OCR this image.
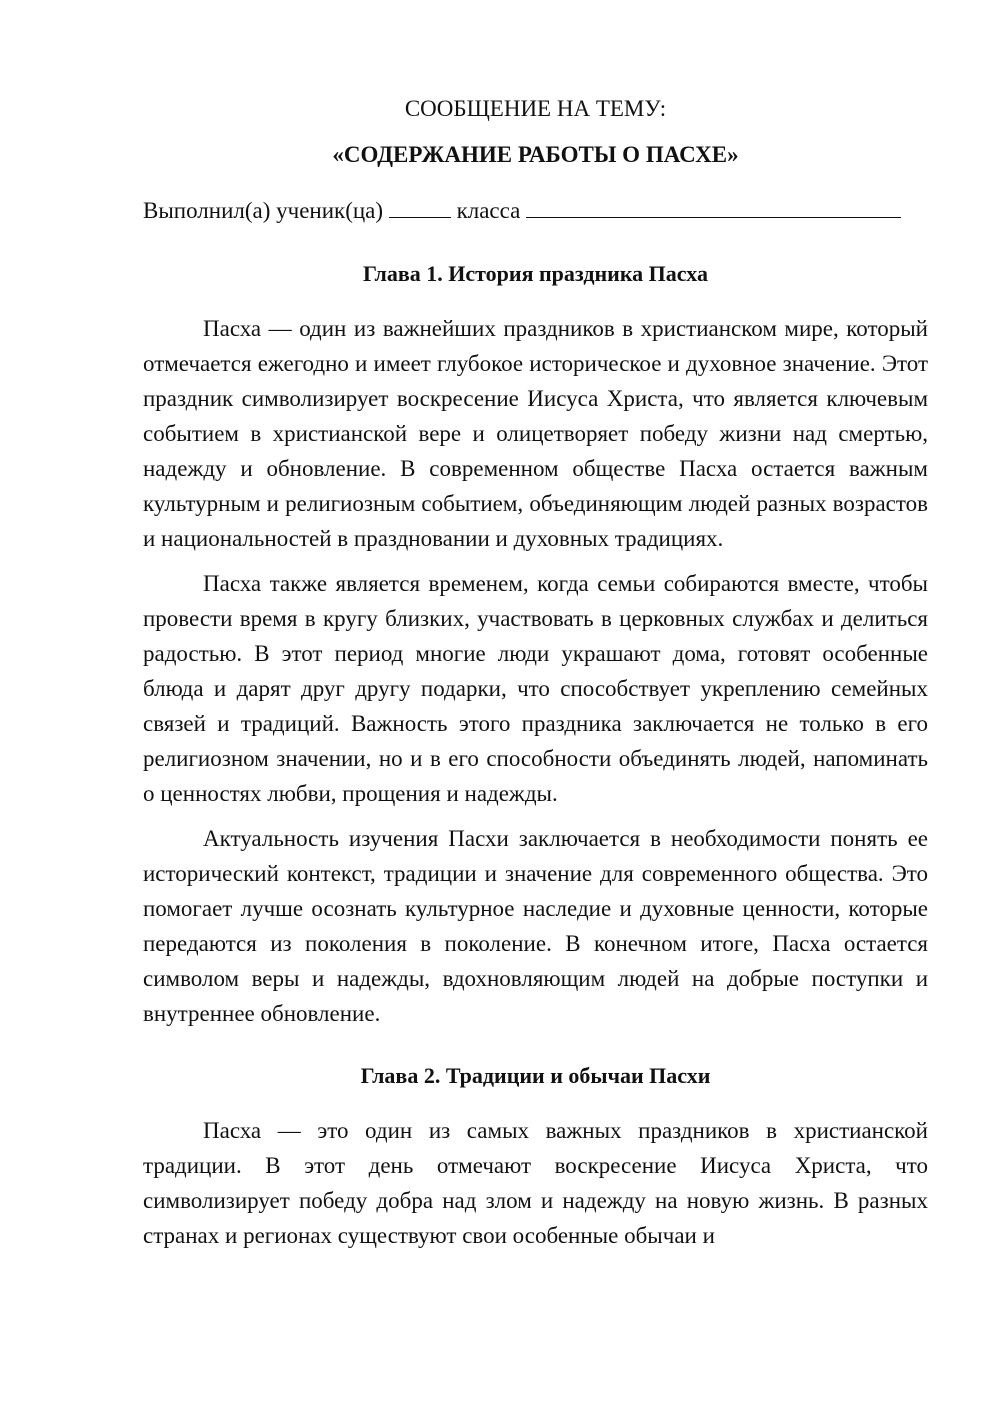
СООБЩЕНИЕ НА ТЕМУ:

«СОДЕРЖАНИЕ РАБОТЫ О ПАСХЕ»

Выполнил(а) ученик(ца)	класса

Глава 1. История праздника Пасха

Пасха — один из важнейших праздников в христианском мире, который отмечается ежегодно и имеет глубокое историческое и духовное значение. Этот праздник символизирует воскресение Иисуса Христа, что является ключевым событием в христианской вере и олицетворяет победу жизни над смертью, надежду и обновление. В современном обществе Пасха остается важным культурным и религиозным событием, объединяющим людей разных возрастов и национальностей в праздновании и духовных традициях.

Пасха также является временем, когда семьи собираются вместе, чтобы провести время в кругу близких, участвовать в церковных службах и делиться радостью. В этот период многие люди украшают дома, готовят особенные блюда и дарят друг другу подарки, что способствует укреплению семейных связей и традиций. Важность этого праздника заключается не только в его религиозном значении, но и в его способности объединять людей, напоминать о ценностях любви, прощения и надежды.

Актуальность изучения Пасхи заключается в необходимости понять ее исторический контекст, традиции и значение для современного общества. Это помогает лучше осознать культурное наследие и духовные ценности, которые передаются из поколения в поколение. В конечном итоге, Пасха остается символом веры и надежды, вдохновляющим людей на добрые поступки и внутреннее обновление.

Глава 2. Традиции и обычаи Пасхи

Пасха — это один из самых важных праздников в христианской традиции. В этот день отмечают воскресение Иисуса Христа, что символизирует победу добра над злом и надежду на новую жизнь. В разных странах и регионах существуют свои особенные обычаи и
